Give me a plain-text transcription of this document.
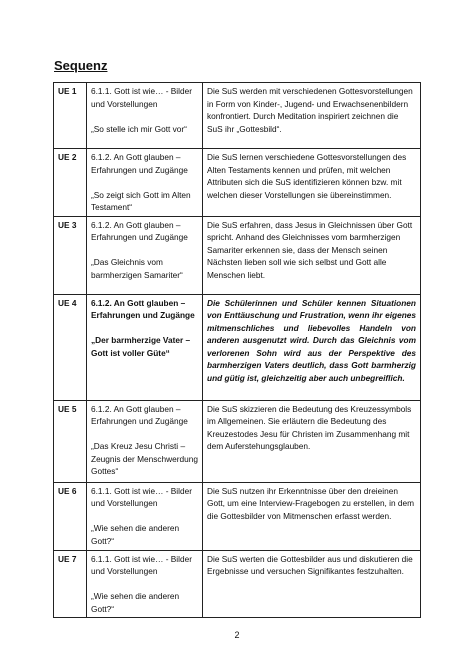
Sequenz
UE 1	6.1.1. Gott ist wie… - Bilder und Vorstellungen
„So stelle ich mir Gott vor“	Die SuS werden mit verschiedenen Gottesvorstellungen in Form von Kinder-, Jugend- und Erwachsenenbildern konfrontiert. Durch Meditation inspiriert zeichnen die SuS ihr „Gottesbild“.
UE 2	6.1.2. An Gott glauben – Erfahrungen und Zugänge
„So zeigt sich Gott im Alten Testament“	Die SuS lernen verschiedene Gottesvorstellungen des Alten Testaments kennen und prüfen, mit welchen Attributen sich die SuS identifizieren können bzw. mit welchen dieser Vorstellungen sie übereinstimmen.
UE 3	6.1.2. An Gott glauben – Erfahrungen und Zugänge
„Das Gleichnis vom barmherzigen Samariter“	Die SuS erfahren, dass Jesus in Gleichnissen über Gott spricht. Anhand des Gleichnisses vom barmherzigen Samariter erkennen sie, dass der Mensch seinen Nächsten lieben soll wie sich selbst und Gott alle Menschen liebt.
UE 4	6.1.2. An Gott glauben – Erfahrungen und Zugänge
„Der barmherzige Vater – Gott ist voller Güte“	Die Schülerinnen und Schüler kennen Situationen von Enttäuschung und Frustration, wenn ihr eigenes mitmenschliches und liebevolles Handeln von anderen ausgenutzt wird. Durch das Gleichnis vom verlorenen Sohn wird aus der Perspektive des barmherzigen Vaters deutlich, dass Gott barmherzig und gütig ist, gleichzeitig aber auch unbegreiflich.
UE 5	6.1.2. An Gott glauben – Erfahrungen und Zugänge
„Das Kreuz Jesu Christi – Zeugnis der Menschwerdung Gottes“	Die SuS skizzieren die Bedeutung des Kreuzessymbols im Allgemeinen. Sie erläutern die Bedeutung des Kreuzestodes Jesu für Christen im Zusammenhang mit dem Auferstehungsglauben.
UE 6	6.1.1. Gott ist wie… - Bilder und Vorstellungen
„Wie sehen die anderen Gott?“	Die SuS nutzen ihr Erkenntnisse über den dreieinen Gott, um eine Interview-Fragebogen zu erstellen, in dem die Gottesbilder von Mitmenschen erfasst werden.
UE 7	6.1.1. Gott ist wie… - Bilder und Vorstellungen
„Wie sehen die anderen Gott?“	Die SuS werten die Gottesbilder aus und diskutieren die Ergebnisse und versuchen Signifikantes festzuhalten.
2
